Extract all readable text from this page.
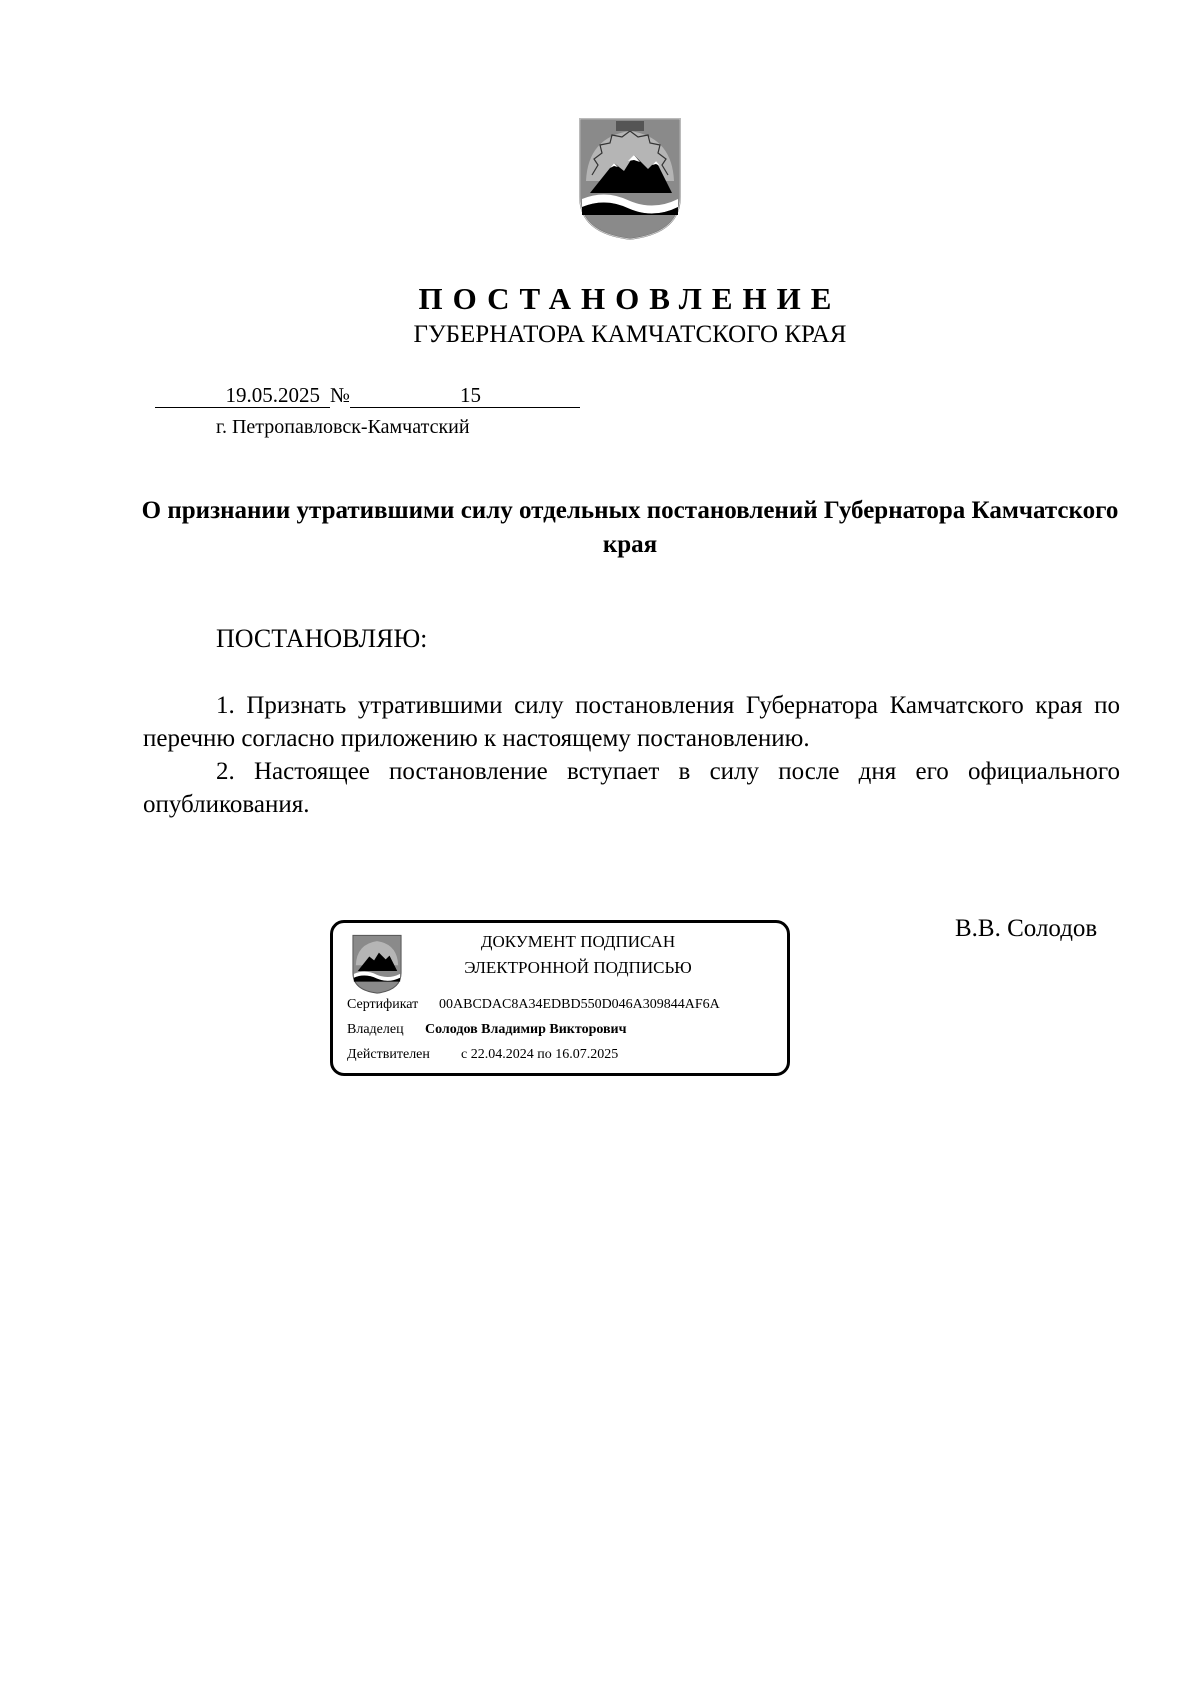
ПОСТАНОВЛЕНИЕ
ГУБЕРНАТОРА КАМЧАТСКОГО КРАЯ
19.05.2025 №	15
г. Петропавловск-Камчатский
О признании утратившими силу отдельных постановлений Губернатора Камчатского края
ПОСТАНОВЛЯЮ:
1. Признать утратившими силу постановления Губернатора Камчатского края по перечню согласно приложению к настоящему постановлению.
2. Настоящее постановление вступает в силу после дня его официального опубликования.
В.В. Солодов
ДОКУМЕНТ ПОДПИСАН
ЭЛЕКТРОННОЙ ПОДПИСЬЮ
Сертификат 00ABCDAC8A34EDBD550D046A309844AF6A
Владелец Солодов Владимир Викторович
Действителен с 22.04.2024 по 16.07.2025
